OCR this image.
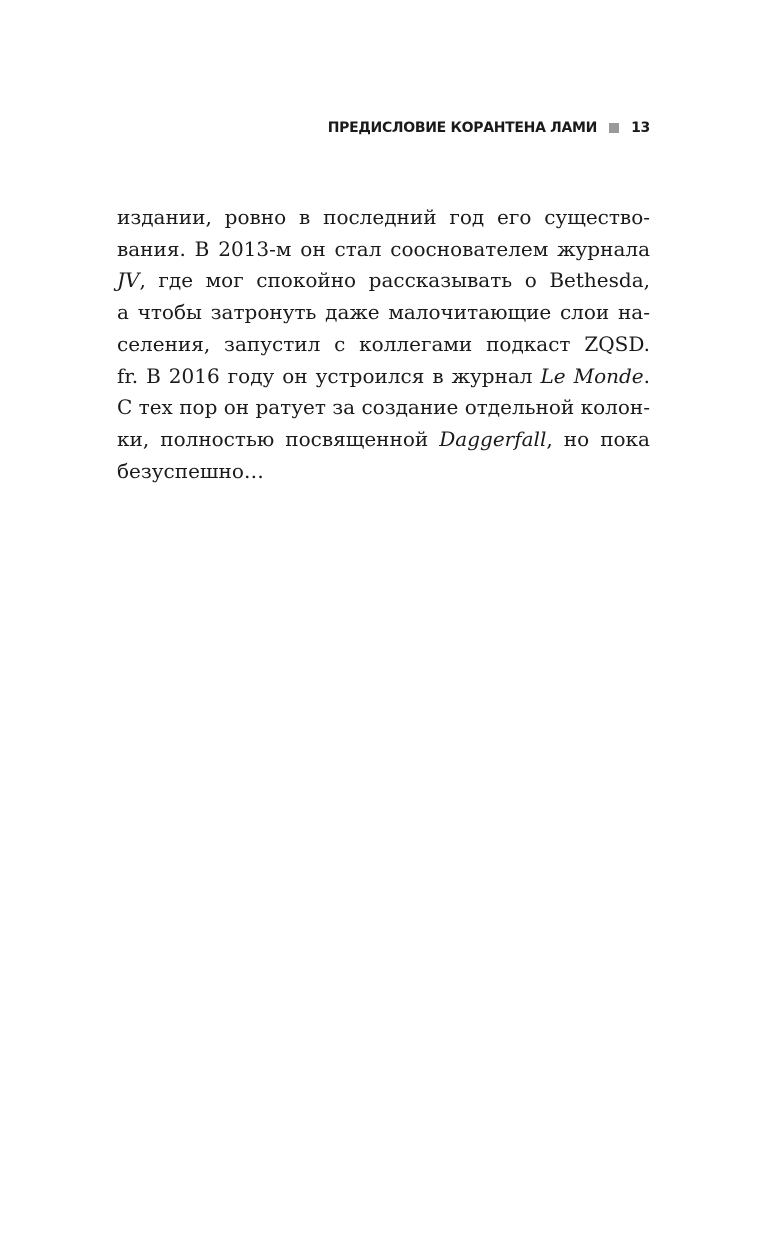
ПРЕДИСЛОВИЕ КОРАНТЕНА ЛАМИ 13
издании, ровно в последний год его существо-
вания. В 2013-м он стал сооснователем журнала
JV, где мог спокойно рассказывать о Bethesda,
а чтобы затронуть даже малочитающие слои на-
селения, запустил с коллегами подкаст ZQSD.
fr. В 2016 году он устроился в журнал Le Monde.
С тех пор он ратует за создание отдельной колон-
ки, полностью посвященной Daggerfall, но пока
безуспешно…
